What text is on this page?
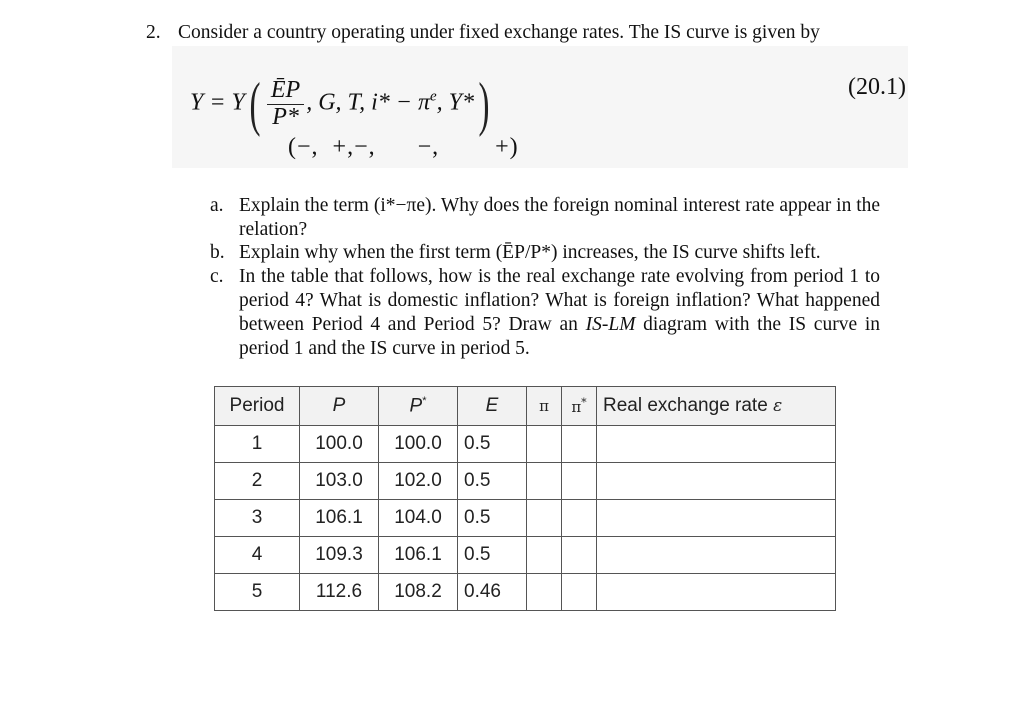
2. Consider a country operating under fixed exchange rates. The IS curve is given by
$Y = Y( \frac{ĒP}{P*}$ , G, T, $i* - \pi^e$, Y*)	(20.1)
(−,  +,−,      −,        +)
a. Explain the term (i*−πe). Why does the foreign nominal interest rate appear in the relation?
b. Explain why when the first term (ĒP/P*) increases, the IS curve shifts left.
c. In the table that follows, how is the real exchange rate evolving from period 1 to period 4? What is domestic inflation? What is foreign inflation? What happened between Period 4 and Period 5? Draw an IS-LM diagram with the IS curve in period 1 and the IS curve in period 5.
Period	P	P*	E	π	π*	Real exchange rate ε
1	100.0	100.0	0.5			
2	103.0	102.0	0.5			
3	106.1	104.0	0.5			
4	109.3	106.1	0.5			
5	112.6	108.2	0.46			
